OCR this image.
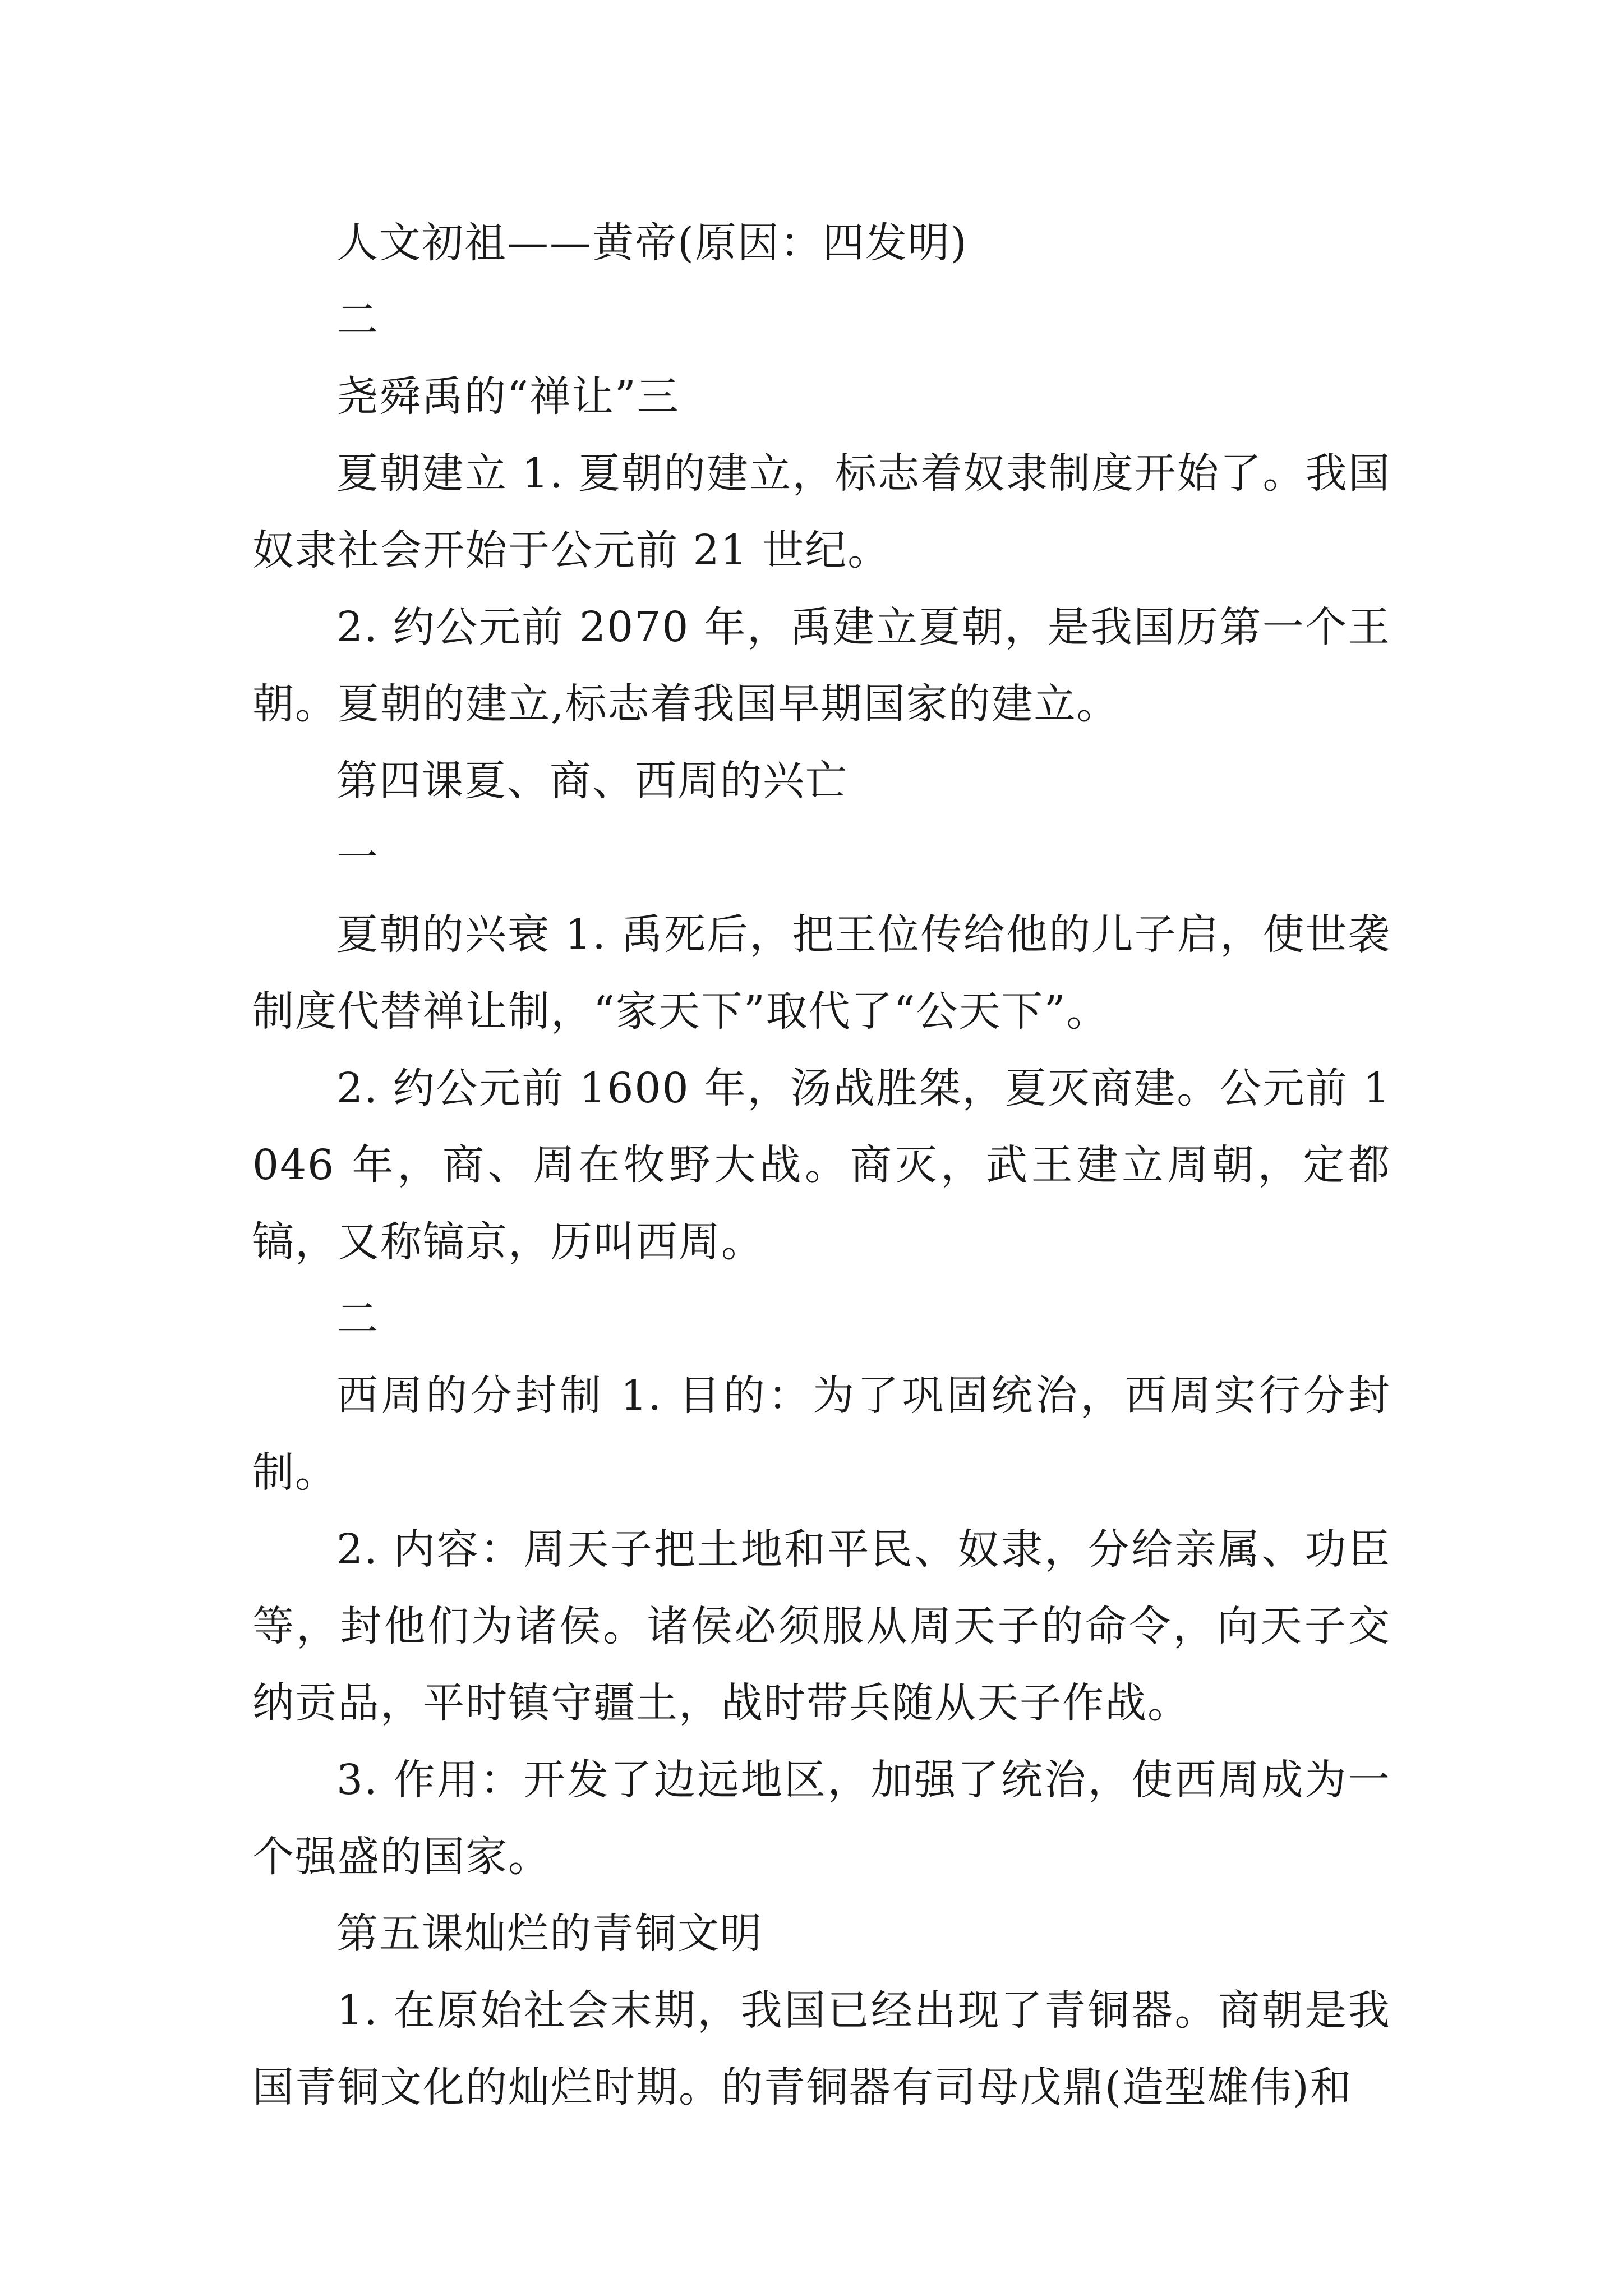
人文初祖——黄帝(原因：四发明)

二

尧舜禹的“禅让”三

夏朝建立 1. 夏朝的建立，标志着奴隶制度开始了。我国奴隶社会开始于公元前 21 世纪。

2. 约公元前 2070 年，禹建立夏朝，是我国历第一个王朝。夏朝的建立,标志着我国早期国家的建立。

第四课夏、商、西周的兴亡

一

夏朝的兴衰 1. 禹死后，把王位传给他的儿子启，使世袭制度代替禅让制，“家天下”取代了“公天下”。

2. 约公元前 1600 年，汤战胜桀，夏灭商建。公元前 1046 年，商、周在牧野大战。商灭，武王建立周朝，定都镐，又称镐京，历叫西周。

二

西周的分封制 1. 目的：为了巩固统治，西周实行分封制。

2. 内容：周天子把土地和平民、奴隶，分给亲属、功臣等，封他们为诸侯。诸侯必须服从周天子的命令，向天子交纳贡品，平时镇守疆土，战时带兵随从天子作战。

3. 作用：开发了边远地区，加强了统治，使西周成为一个强盛的国家。

第五课灿烂的青铜文明

1. 在原始社会末期，我国已经出现了青铜器。商朝是我国青铜文化的灿烂时期。的青铜器有司母戊鼎(造型雄伟)和
